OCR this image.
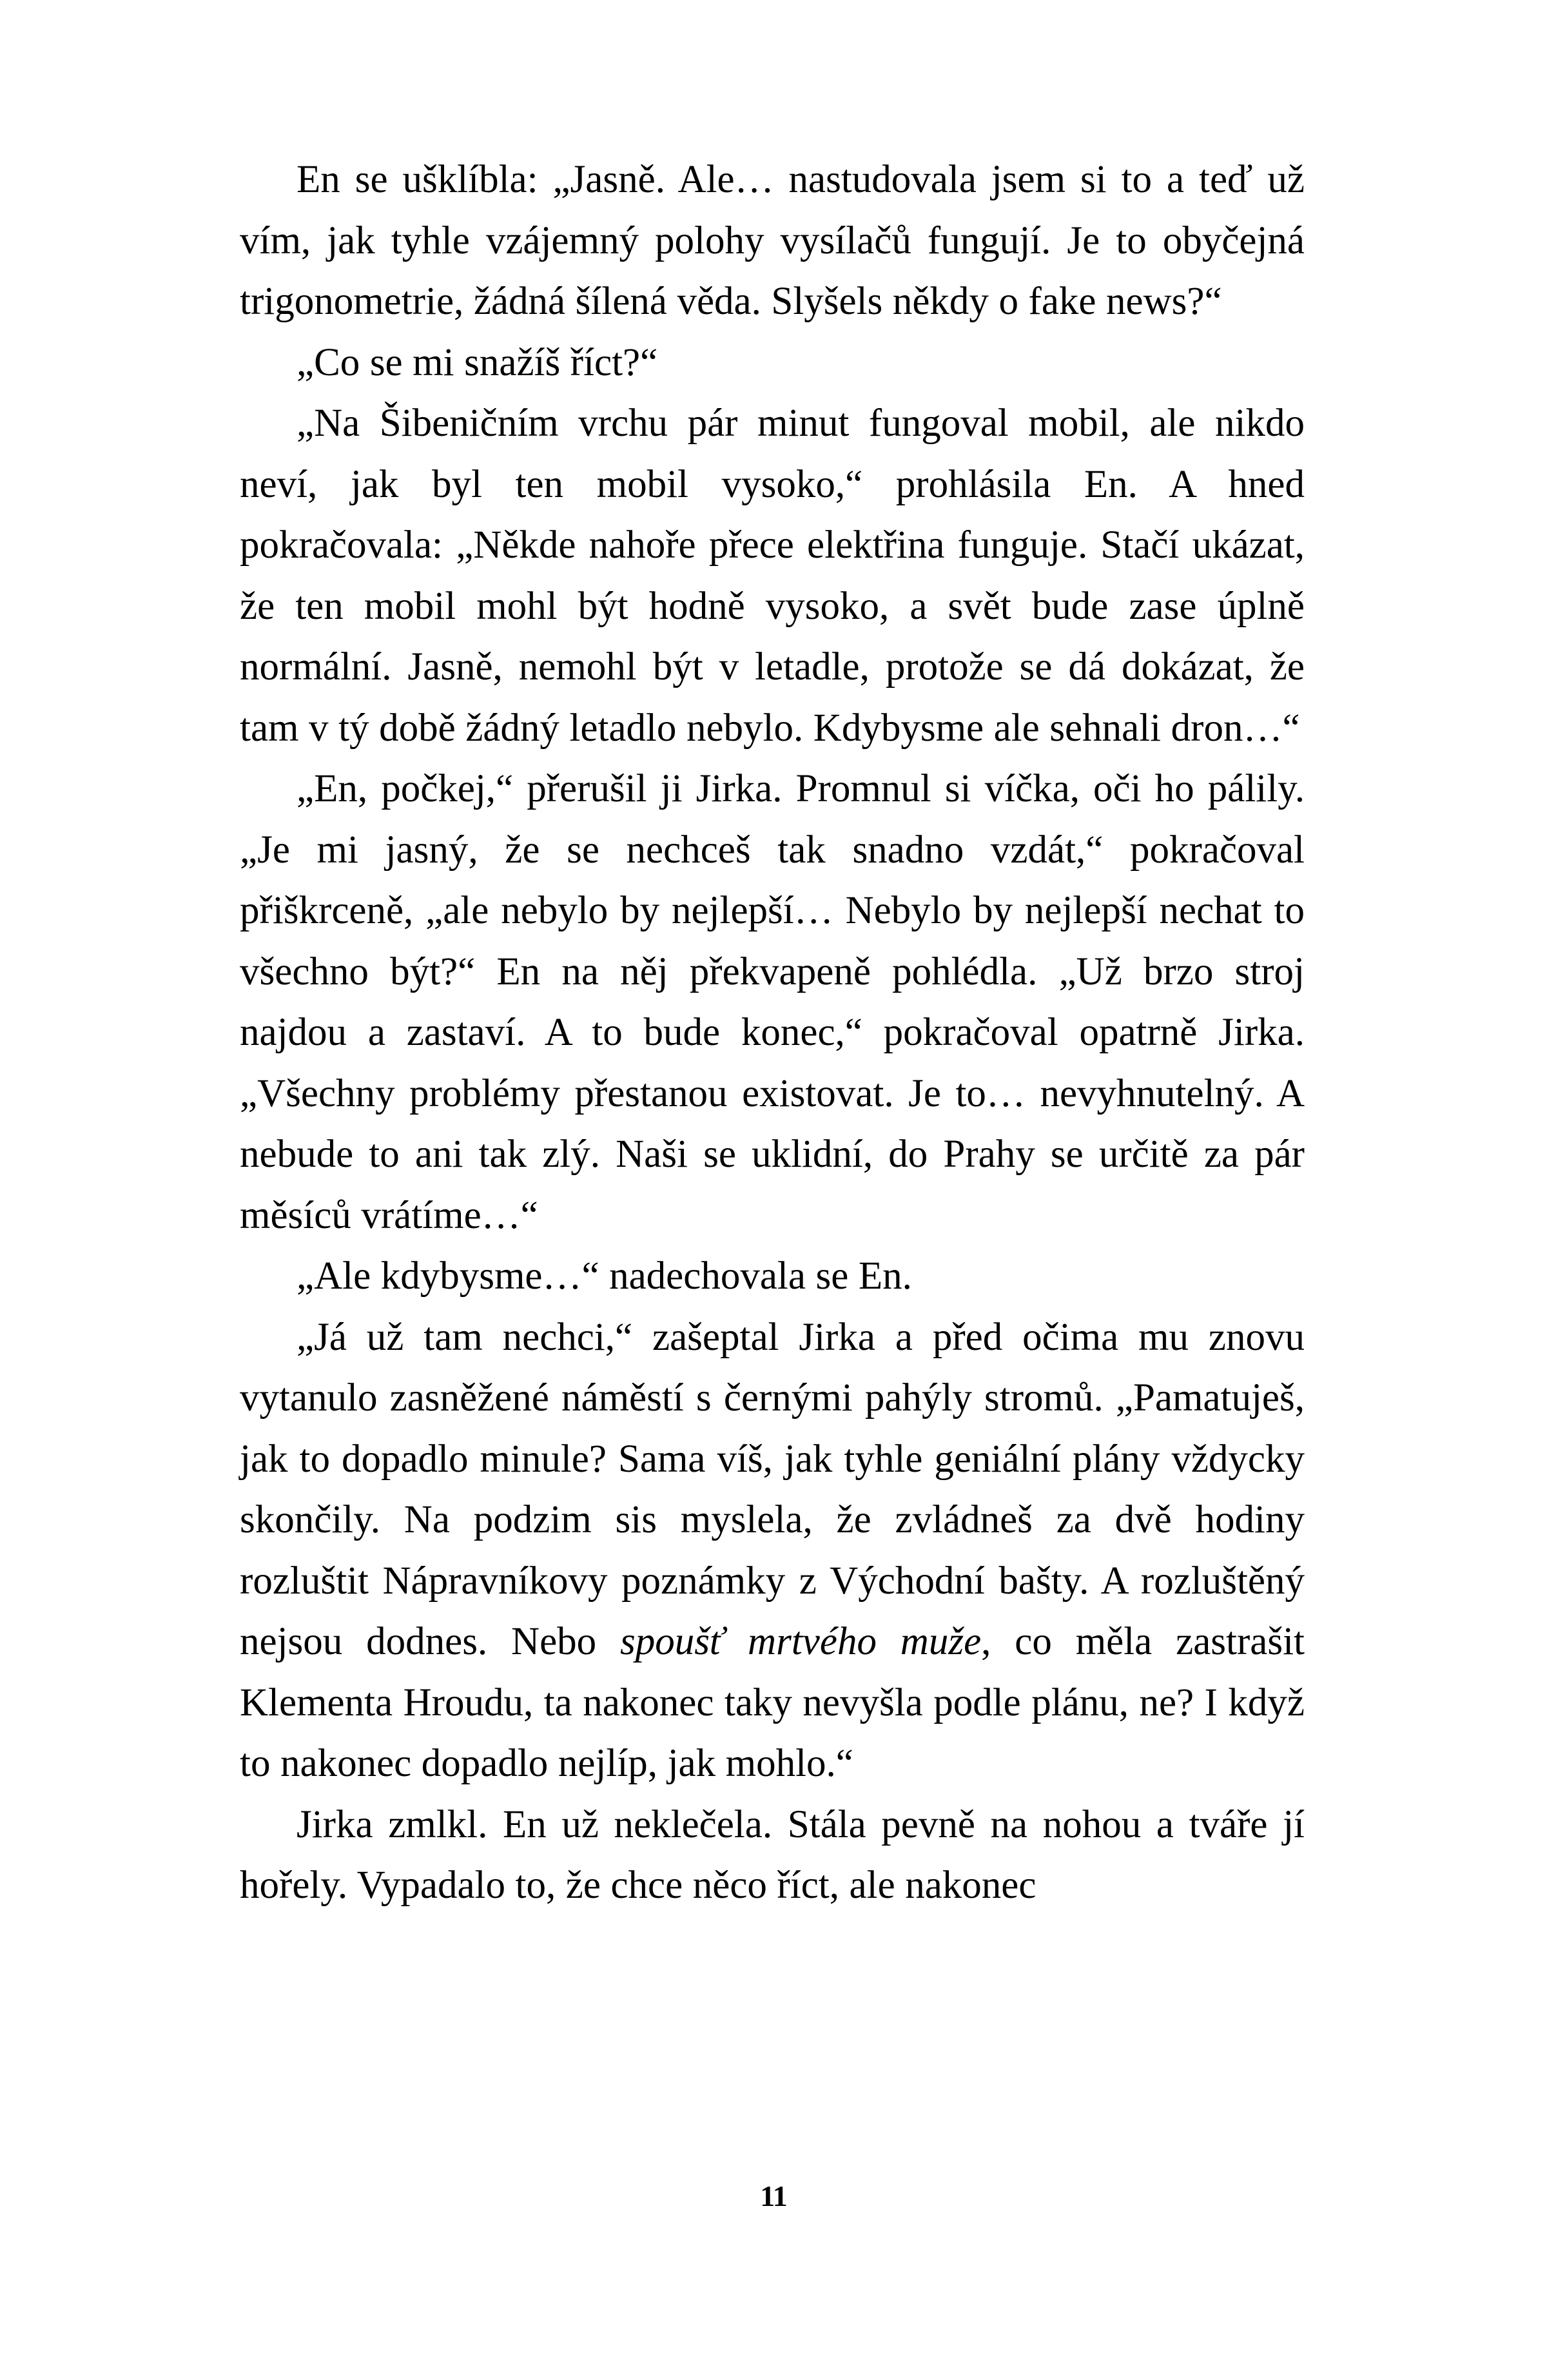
En se ušklíbla: „Jasně. Ale… nastudovala jsem si to a teď už vím, jak tyhle vzájemný polohy vysílačů fungují. Je to obyčejná trigonometrie, žádná šílená věda. Slyšels někdy o fake news?“

„Co se mi snažíš říct?“

„Na Šibeničním vrchu pár minut fungoval mobil, ale nikdo neví, jak byl ten mobil vysoko,“ prohlásila En. A hned pokračovala: „Někde nahoře přece elektřina funguje. Stačí ukázat, že ten mobil mohl být hodně vysoko, a svět bude zase úplně normální. Jasně, nemohl být v letadle, protože se dá dokázat, že tam v tý době žádný letadlo nebylo. Kdybysme ale sehnali dron…“

„En, počkej,“ přerušil ji Jirka. Promnul si víčka, oči ho pálily. „Je mi jasný, že se nechceš tak snadno vzdát,“ pokračoval přiškrceně, „ale nebylo by nejlepší… Nebylo by nejlepší nechat to všechno být?“ En na něj překvapeně pohlédla. „Už brzo stroj najdou a zastaví. A to bude konec,“ pokračoval opatrně Jirka. „Všechny problémy přestanou existovat. Je to… nevyhnutelný. A nebude to ani tak zlý. Naši se uklidní, do Prahy se určitě za pár měsíců vrátíme…“

„Ale kdybysme…“ nadechovala se En.

„Já už tam nechci,“ zašeptal Jirka a před očima mu znovu vytanulo zasněžené náměstí s černými pahýly stromů. „Pamatuješ, jak to dopadlo minule? Sama víš, jak tyhle geniální plány vždycky skončily. Na podzim sis myslela, že zvládneš za dvě hodiny rozluštit Nápravníkovy poznámky z Východní bašty. A rozluštěný nejsou dodnes. Nebo spoušť mrtvého muže, co měla zastrašit Klementa Hroudu, ta nakonec taky nevyšla podle plánu, ne? I když to nakonec dopadlo nejlíp, jak mohlo.“

Jirka zmlkl. En už neklečela. Stála pevně na nohou a tváře jí hořely. Vypadalo to, že chce něco říct, ale nakonec

11
